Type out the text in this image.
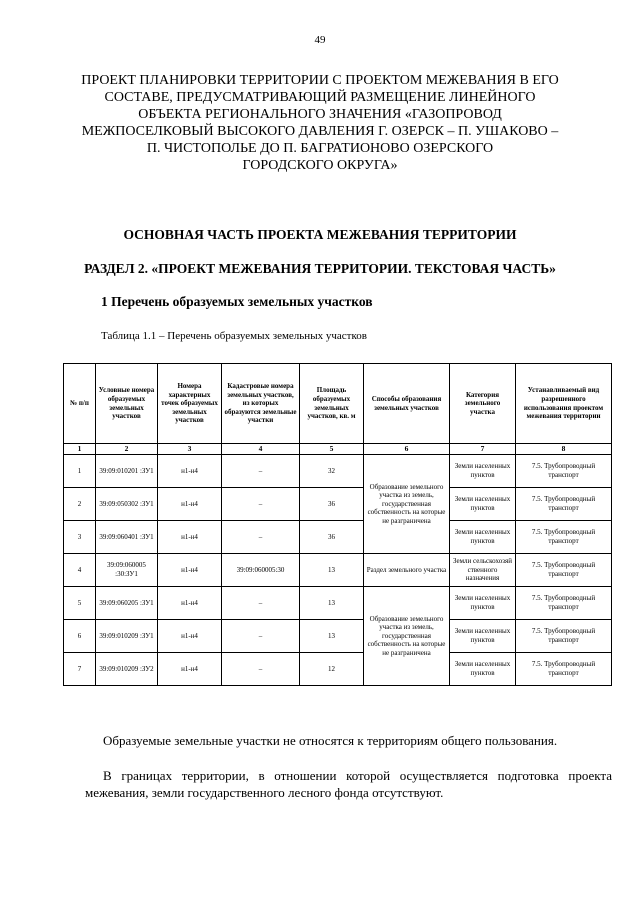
49
ПРОЕКТ ПЛАНИРОВКИ ТЕРРИТОРИИ С ПРОЕКТОМ МЕЖЕВАНИЯ В ЕГО
СОСТАВЕ, ПРЕДУСМАТРИВАЮЩИЙ РАЗМЕЩЕНИЕ ЛИНЕЙНОГО
ОБЪЕКТА РЕГИОНАЛЬНОГО ЗНАЧЕНИЯ «ГАЗОПРОВОД
МЕЖПОСЕЛКОВЫЙ ВЫСОКОГО ДАВЛЕНИЯ Г. ОЗЕРСК – П. УШАКОВО –
П. ЧИСТОПОЛЬЕ ДО П. БАГРАТИОНОВО ОЗЕРСКОГО
ГОРОДСКОГО ОКРУГА»
ОСНОВНАЯ ЧАСТЬ ПРОЕКТА МЕЖЕВАНИЯ ТЕРРИТОРИИ
РАЗДЕЛ 2. «ПРОЕКТ МЕЖЕВАНИЯ ТЕРРИТОРИИ. ТЕКСТОВАЯ ЧАСТЬ»
1 Перечень образуемых земельных участков
Таблица 1.1 – Перечень образуемых земельных участков
№ п/п	Условные номера образуемых земельных участков	Номера характерных точек образуемых земельных участков	Кадастровые номера земельных участков, из которых образуются земельные участки	Площадь образуемых земельных участков, кв. м	Способы образования земельных участков	Категория земельного участка	Устанавливаемый вид разрешенного использования проектом межевания территории
1	2	3	4	5	6	7	8
1	39:09:010201 :ЗУ1	н1-н4	–	32	Образование земельного участка из земель, государственная собственность на которые не разграничена	Земли населенных пунктов	7.5. Трубопроводный транспорт
2	39:09:050302 :ЗУ1	н1-н4	–	36		Земли населенных пунктов	7.5. Трубопроводный транспорт
3	39:09:060401 :ЗУ1	н1-н4	–	36		Земли населенных пунктов	7.5. Трубопроводный транспорт
4	39:09:060005 :30:ЗУ1	н1-н4	39:09:060005:30	13	Раздел земельного участка	Земли сельскохозяй ственного назначения	7.5. Трубопроводный транспорт
5	39:09:060205 :ЗУ1	н1-н4	–	13	Образование земельного участка из земель, государственная собственность на которые не разграничена	Земли населенных пунктов	7.5. Трубопроводный транспорт
6	39:09:010209 :ЗУ1	н1-н4	–	13		Земли населенных пунктов	7.5. Трубопроводный транспорт
7	39:09:010209 :ЗУ2	н1-н4	–	12		Земли населенных пунктов	7.5. Трубопроводный транспорт

Образуемые земельные участки не относятся к территориям общего пользования.

В границах территории, в отношении которой осуществляется подготовка проекта межевания, земли государственного лесного фонда отсутствуют.
